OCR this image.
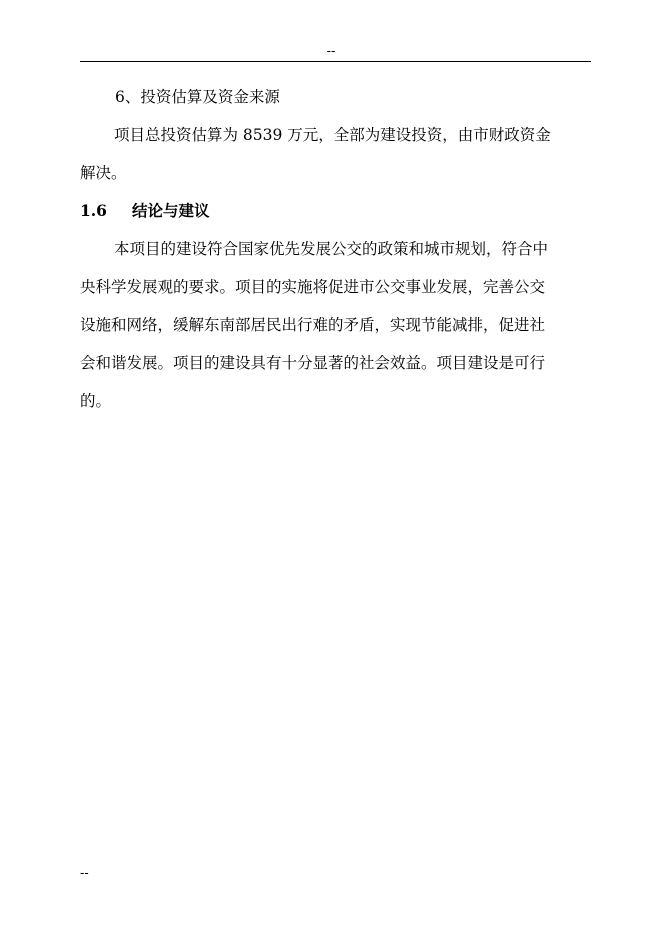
--

6、投资估算及资金来源

项目总投资估算为 8539 万元，全部为建设投资，由市财政资金

解决。

1.6 结论与建议

本项目的建设符合国家优先发展公交的政策和城市规划，符合中

央科学发展观的要求。项目的实施将促进市公交事业发展，完善公交

设施和网络，缓解东南部居民出行难的矛盾，实现节能减排，促进社

会和谐发展。项目的建设具有十分显著的社会效益。项目建设是可行

的。

--
